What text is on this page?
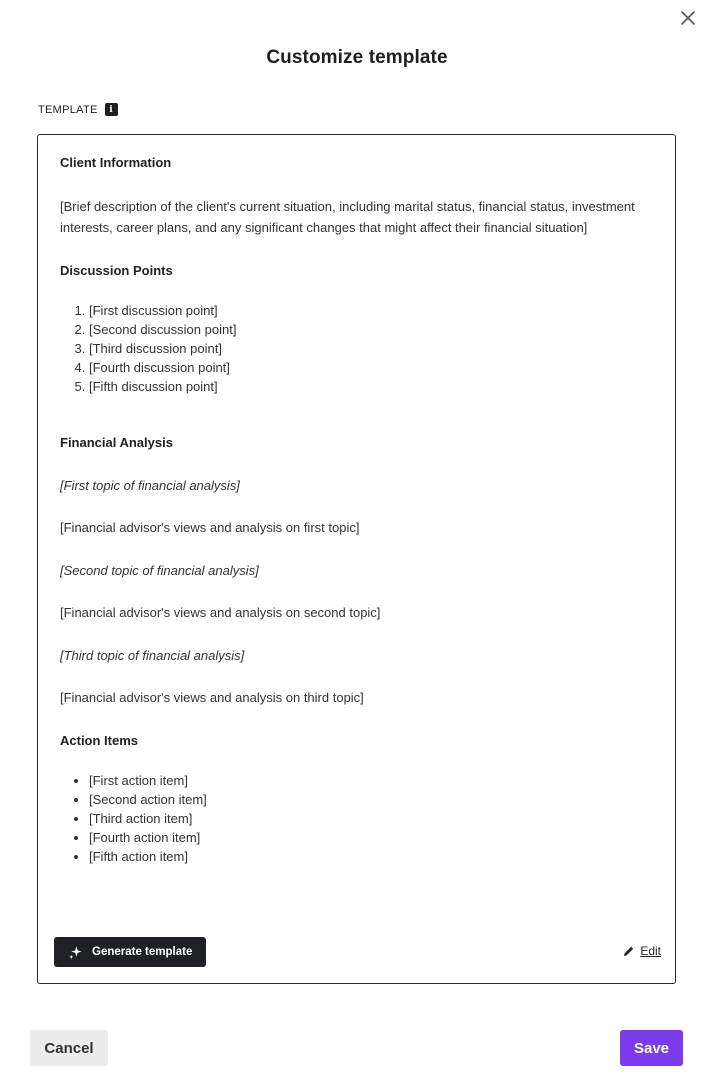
Customize template
TEMPLATE	i

Client Information

[Brief description of the client's current situation, including marital status, financial status, investment interests, career plans, and any significant changes that might affect their financial situation]

Discussion Points

1. [First discussion point]
2. [Second discussion point]
3. [Third discussion point]
4. [Fourth discussion point]
5. [Fifth discussion point]

Financial Analysis

[First topic of financial analysis]

[Financial advisor's views and analysis on first topic]

[Second topic of financial analysis]

[Financial advisor's views and analysis on second topic]

[Third topic of financial analysis]

[Financial advisor's views and analysis on third topic]

Action Items

• [First action item]
• [Second action item]
• [Third action item]
• [Fourth action item]
• [Fifth action item]
Generate template	Edit
Cancel	Save
